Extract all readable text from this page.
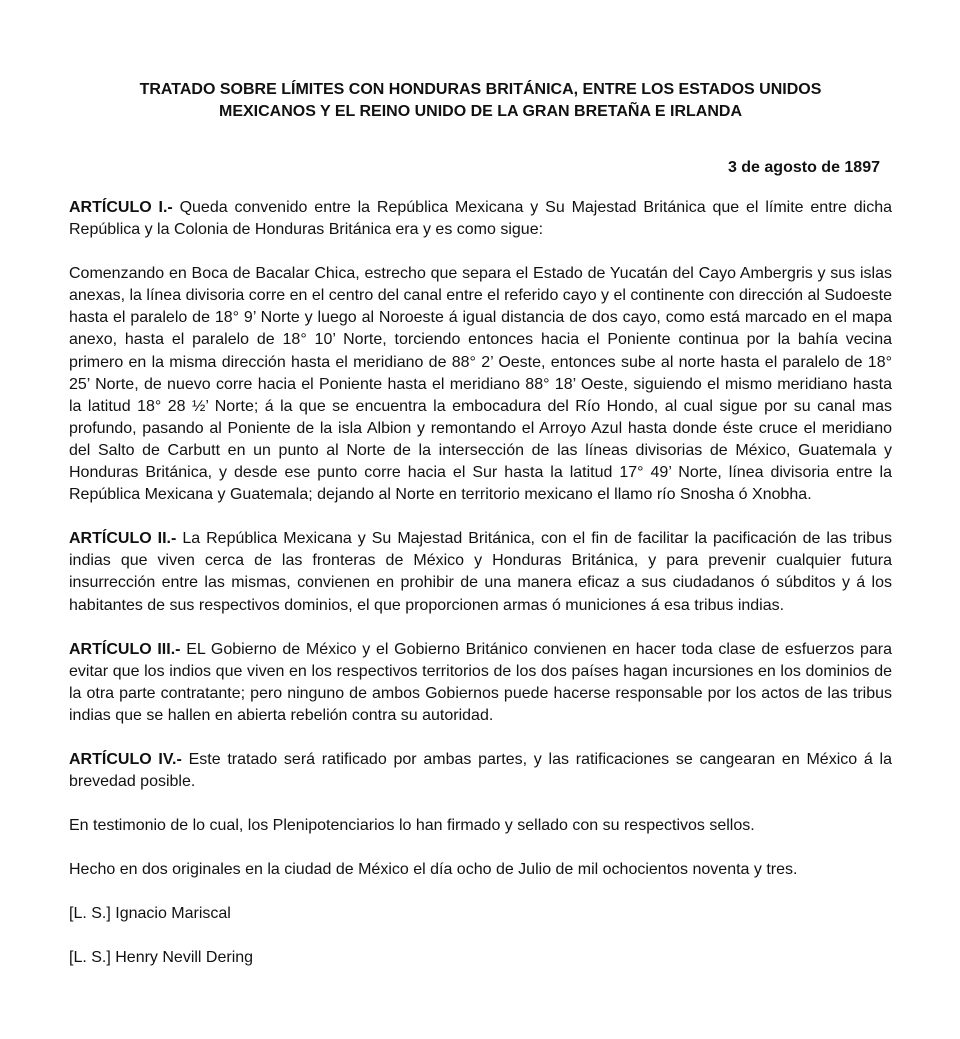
TRATADO SOBRE LÍMITES CON HONDURAS BRITÁNICA, ENTRE LOS ESTADOS UNIDOS
MEXICANOS Y EL REINO UNIDO DE LA GRAN BRETAÑA E IRLANDA

3 de agosto de 1897

ARTÍCULO I.- Queda convenido entre la República Mexicana y Su Majestad Británica que el límite entre dicha República y la Colonia de Honduras Británica era y es como sigue:

Comenzando en Boca de Bacalar Chica, estrecho que separa el Estado de Yucatán del Cayo Ambergris y sus islas anexas, la línea divisoria corre en el centro del canal entre el referido cayo y el continente con dirección al Sudoeste hasta el paralelo de 18° 9’ Norte y luego al Noroeste á igual distancia de dos cayo, como está marcado en el mapa anexo, hasta el paralelo de 18° 10’ Norte, torciendo entonces hacia el Poniente continua por la bahía vecina primero en la misma dirección hasta el meridiano de 88° 2’ Oeste, entonces sube al norte hasta el paralelo de 18° 25’ Norte, de nuevo corre hacia el Poniente hasta el meridiano 88° 18’ Oeste, siguiendo el mismo meridiano hasta la latitud 18° 28 ½’ Norte; á la que se encuentra la embocadura del Río Hondo, al cual sigue por su canal mas profundo, pasando al Poniente de la isla Albion y remontando el Arroyo Azul hasta donde éste cruce el meridiano del Salto de Carbutt en un punto al Norte de la intersección de las líneas divisorias de México, Guatemala y Honduras Británica, y desde ese punto corre hacia el Sur hasta la latitud 17° 49’ Norte, línea divisoria entre la República Mexicana y Guatemala; dejando al Norte en territorio mexicano el llamo río Snosha ó Xnobha.

ARTÍCULO II.- La República Mexicana y Su Majestad Británica, con el fin de facilitar la pacificación de las tribus indias que viven cerca de las fronteras de México y Honduras Británica, y para prevenir cualquier futura insurrección entre las mismas, convienen en prohibir de una manera eficaz a sus ciudadanos ó súbditos y á los habitantes de sus respectivos dominios, el que proporcionen armas ó municiones á esa tribus indias.

ARTÍCULO III.- EL Gobierno de México y el Gobierno Británico convienen en hacer toda clase de esfuerzos para evitar que los indios que viven en los respectivos territorios de los dos países hagan incursiones en los dominios de la otra parte contratante; pero ninguno de ambos Gobiernos puede hacerse responsable por los actos de las tribus indias que se hallen en abierta rebelión contra su autoridad.

ARTÍCULO IV.- Este tratado será ratificado por ambas partes, y las ratificaciones se cangearan en México á la brevedad posible.

En testimonio de lo cual, los Plenipotenciarios lo han firmado y sellado con su respectivos sellos.

Hecho en dos originales en la ciudad de México el día ocho de Julio de mil ochocientos noventa y tres.

[L. S.] Ignacio Mariscal

[L. S.] Henry Nevill Dering
